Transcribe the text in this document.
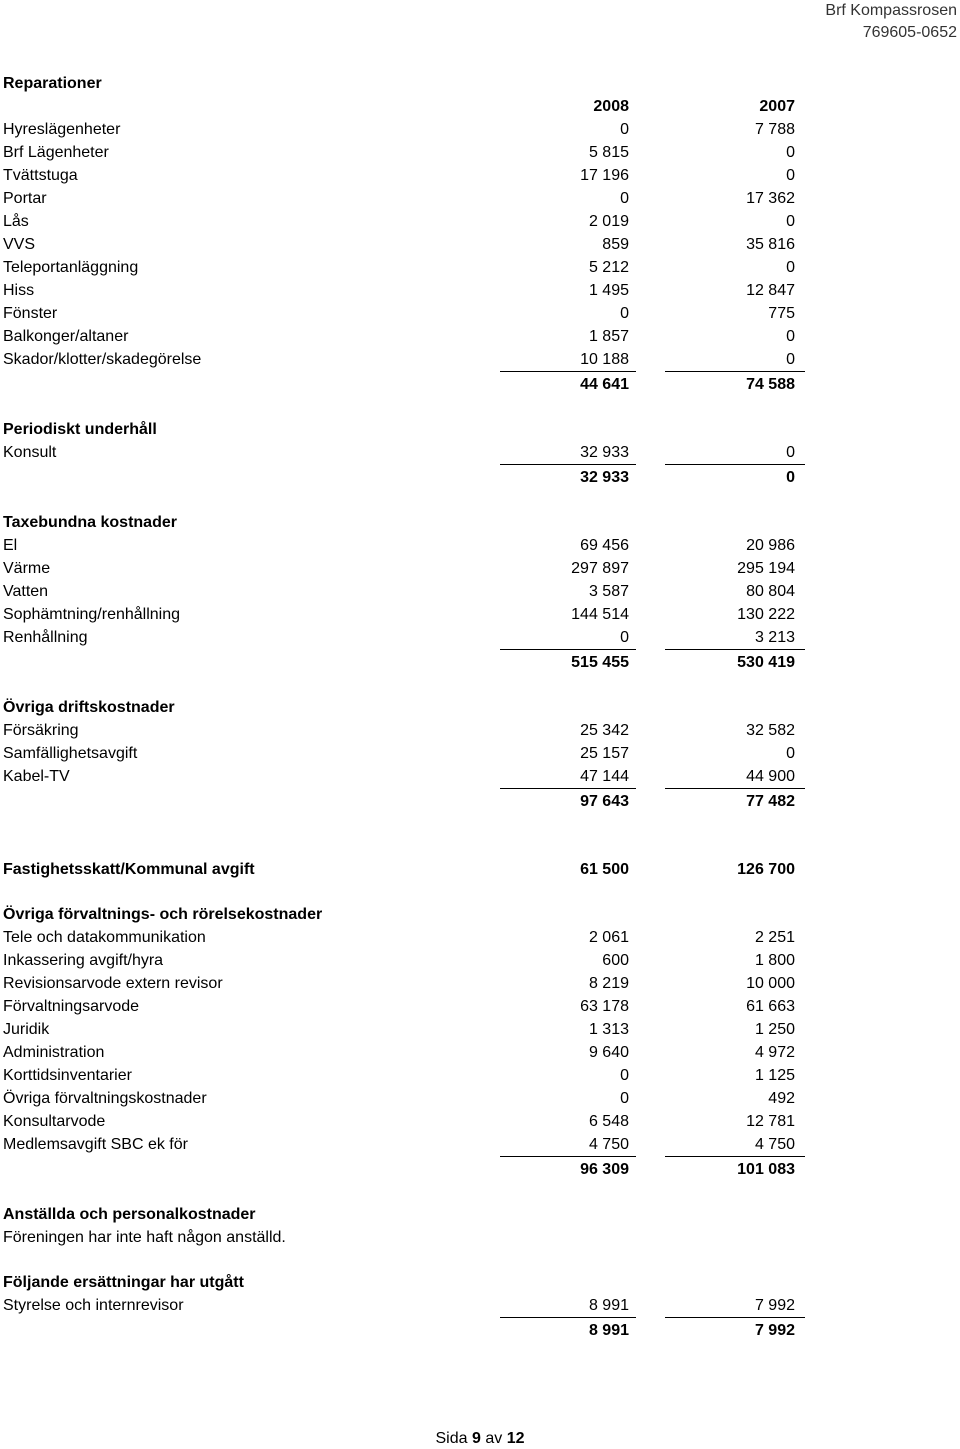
Brf Kompassrosen
769605-0652
Reparationer
2008	2007
Hyreslägenheter	0	7 788
Brf Lägenheter	5 815	0
Tvättstuga	17 196	0
Portar	0	17 362
Lås	2 019	0
VVS	859	35 816
Teleportanläggning	5 212	0
Hiss	1 495	12 847
Fönster	0	775
Balkonger/altaner	1 857	0
Skador/klotter/skadegörelse	10 188	0
44 641	74 588
Periodiskt underhåll
Konsult	32 933	0
32 933	0
Taxebundna kostnader
El	69 456	20 986
Värme	297 897	295 194
Vatten	3 587	80 804
Sophämtning/renhållning	144 514	130 222
Renhållning	0	3 213
515 455	530 419
Övriga driftskostnader
Försäkring	25 342	32 582
Samfällighetsavgift	25 157	0
Kabel-TV	47 144	44 900
97 643	77 482
Fastighetsskatt/Kommunal avgift	61 500	126 700
Övriga förvaltnings- och rörelsekostnader
Tele och datakommunikation	2 061	2 251
Inkassering avgift/hyra	600	1 800
Revisionsarvode extern revisor	8 219	10 000
Förvaltningsarvode	63 178	61 663
Juridik	1 313	1 250
Administration	9 640	4 972
Korttidsinventarier	0	1 125
Övriga förvaltningskostnader	0	492
Konsultarvode	6 548	12 781
Medlemsavgift SBC ek för	4 750	4 750
96 309	101 083
Anställda och personalkostnader
Föreningen har inte haft någon anställd.
Följande ersättningar har utgått
Styrelse och internrevisor	8 991	7 992
8 991	7 992
Sida 9 av 12
